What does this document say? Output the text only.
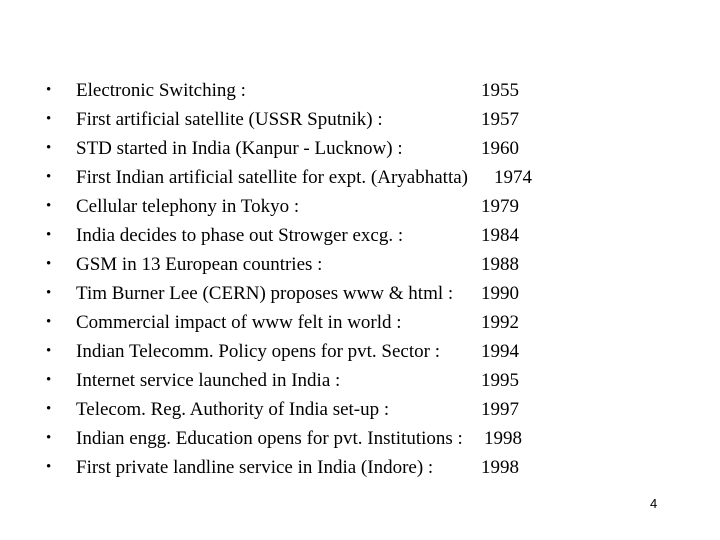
•	Electronic Switching :	1955
•	First artificial satellite (USSR Sputnik) :	1957
•	STD started in India (Kanpur - Lucknow) :	1960
•	First Indian artificial satellite for expt. (Aryabhatta) 1974
•	Cellular telephony in Tokyo :	1979
•	India decides to phase out Strowger excg. :	1984
•	GSM in 13 European countries :	1988
•	Tim Burner Lee (CERN) proposes www & html : 1990
•	Commercial impact of www felt in world :	1992
•	Indian Telecomm. Policy opens for pvt. Sector : 1994
•	Internet service launched in India :	1995
•	Telecom. Reg. Authority of India set-up :	1997
•	Indian engg. Education opens for pvt. Institutions : 1998
•	First private landline service in India (Indore) :	1998
4
